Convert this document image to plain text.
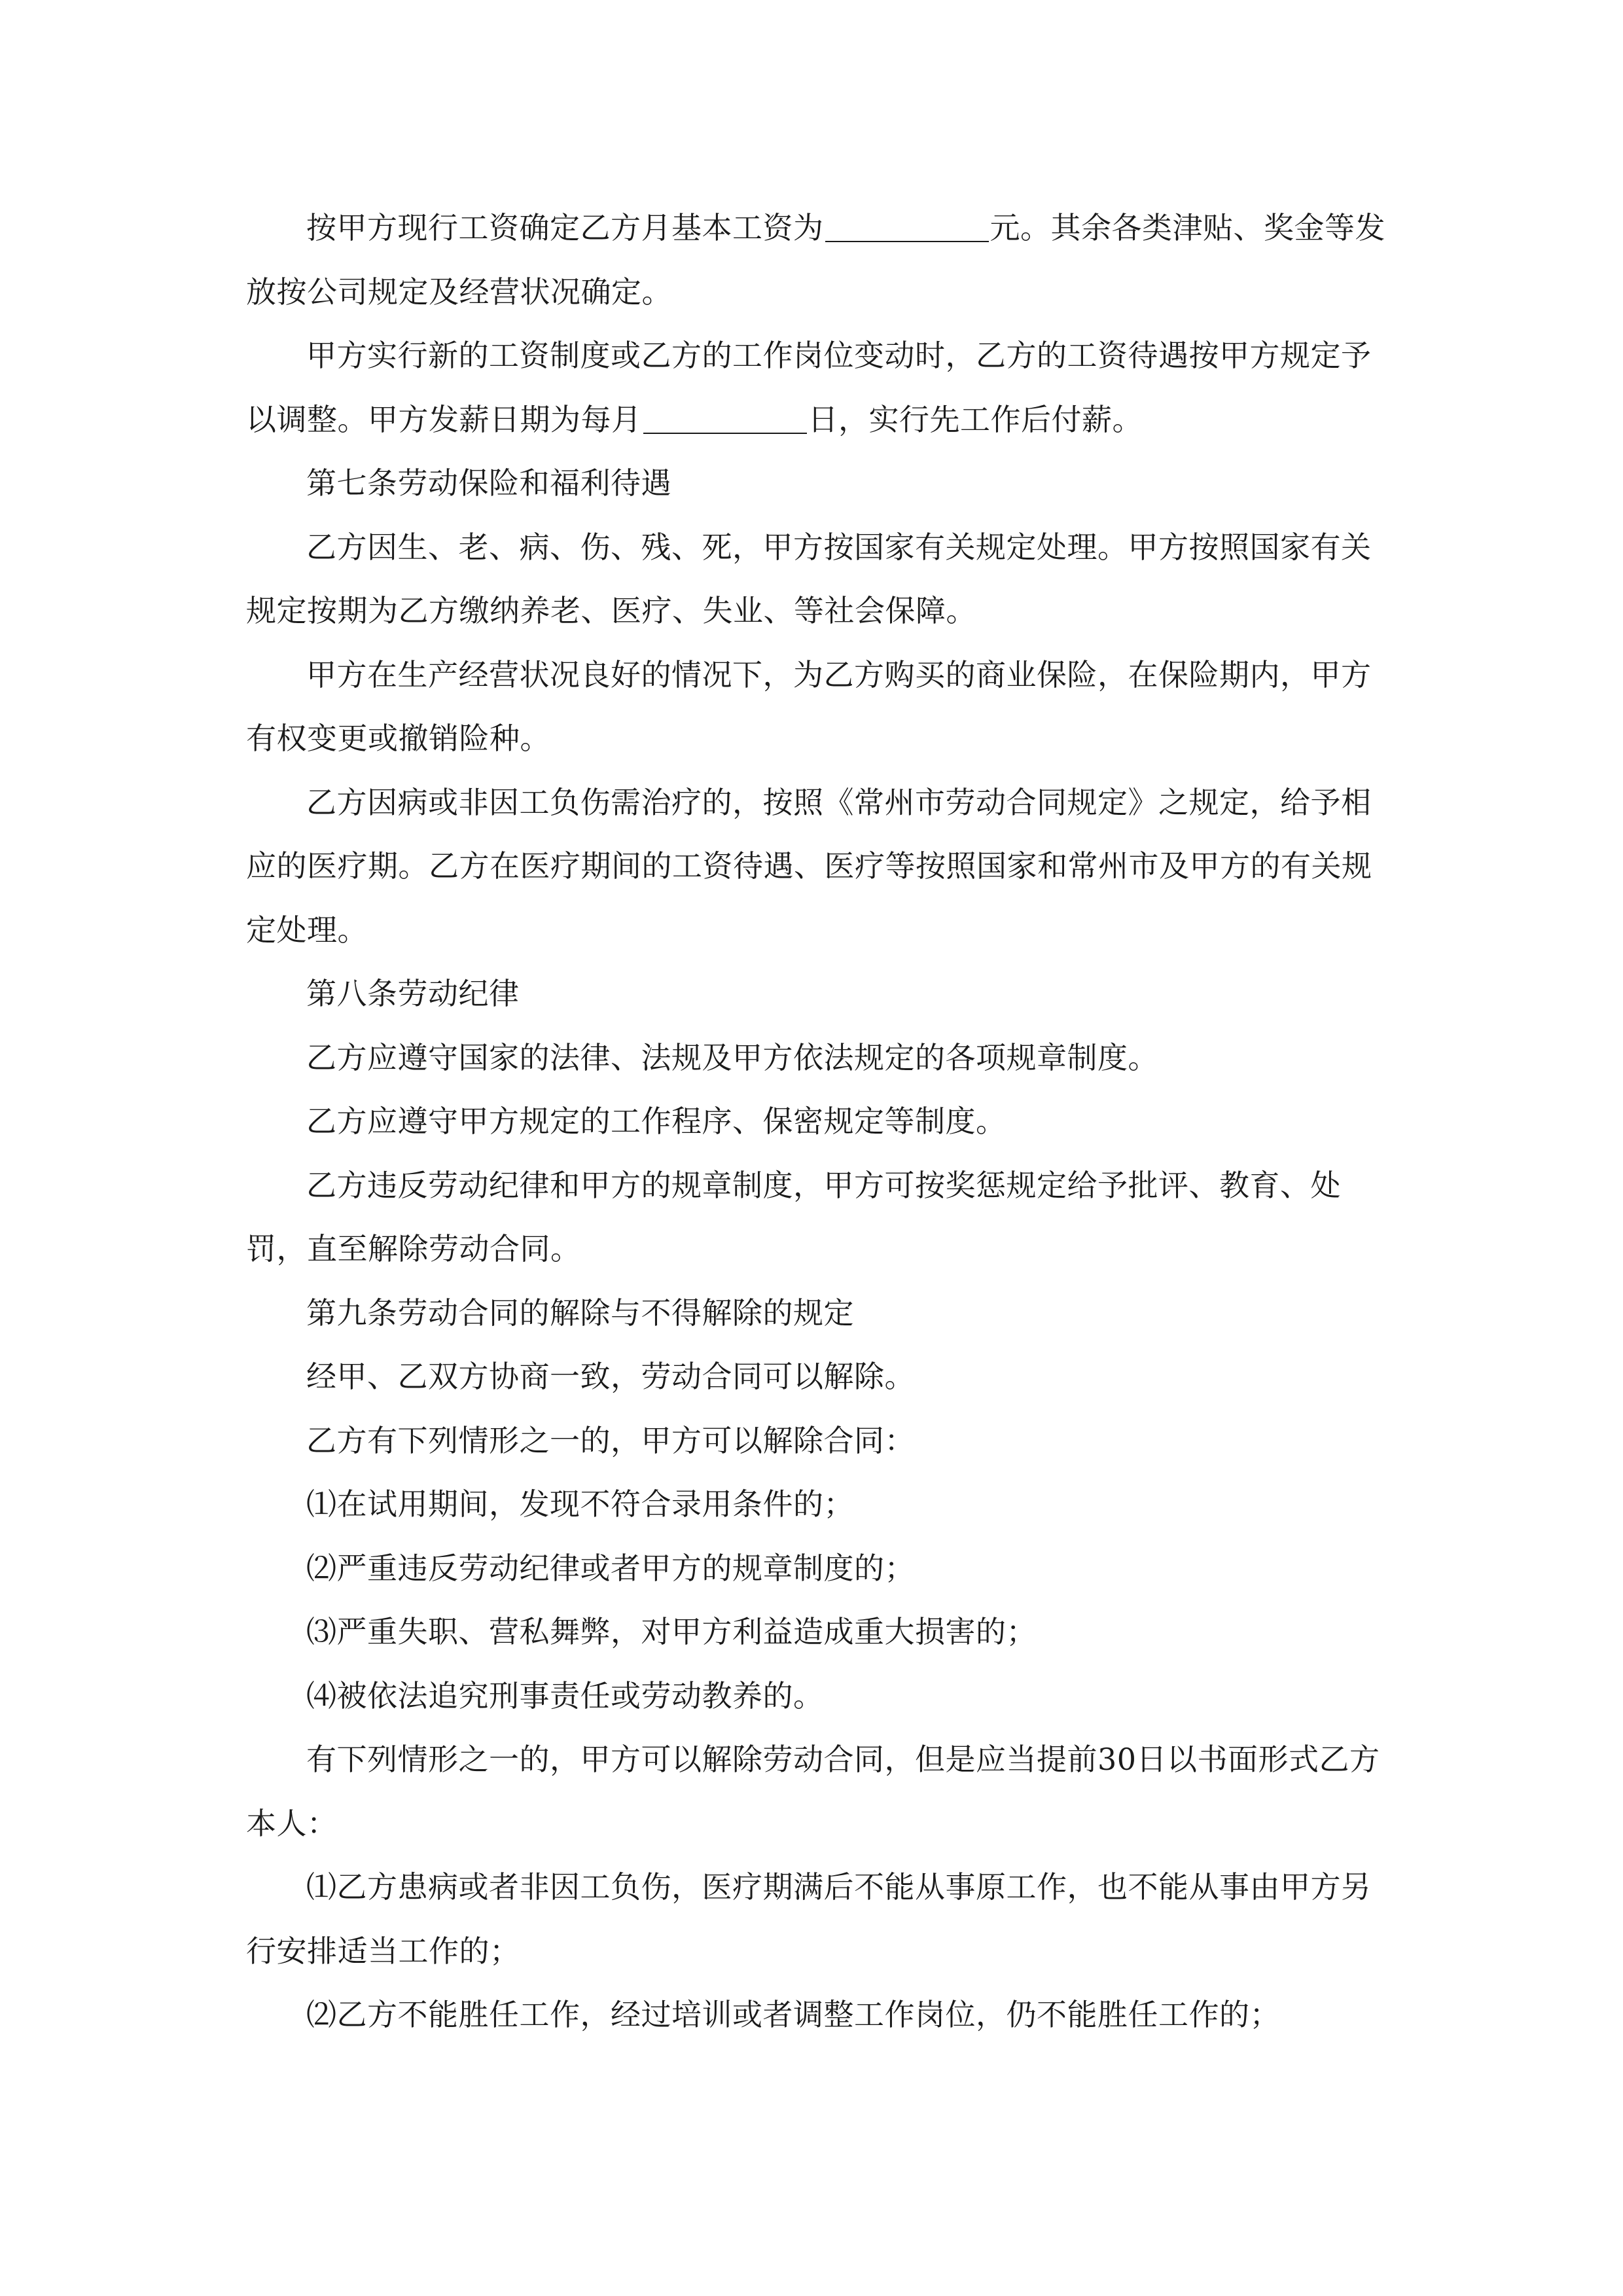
按甲方现行工资确定乙方月基本工资为	元。其余各类津贴、奖金等发放按公司规定及经营状况确定。

甲方实行新的工资制度或乙方的工作岗位变动时，乙方的工资待遇按甲方规定予以调整。甲方发薪日期为每月	日，实行先工作后付薪。

第七条劳动保险和福利待遇

乙方因生、老、病、伤、残、死，甲方按国家有关规定处理。甲方按照国家有关规定按期为乙方缴纳养老、医疗、失业、等社会保障。

甲方在生产经营状况良好的情况下，为乙方购买的商业保险，在保险期内，甲方有权变更或撤销险种。

乙方因病或非因工负伤需治疗的，按照《常州市劳动合同规定》之规定，给予相应的医疗期。乙方在医疗期间的工资待遇、医疗等按照国家和常州市及甲方的有关规定处理。

第八条劳动纪律

乙方应遵守国家的法律、法规及甲方依法规定的各项规章制度。

乙方应遵守甲方规定的工作程序、保密规定等制度。

乙方违反劳动纪律和甲方的规章制度，甲方可按奖惩规定给予批评、教育、处罚，直至解除劳动合同。

第九条劳动合同的解除与不得解除的规定

经甲、乙双方协商一致，劳动合同可以解除。

乙方有下列情形之一的，甲方可以解除合同：

⑴在试用期间，发现不符合录用条件的；

⑵严重违反劳动纪律或者甲方的规章制度的；

⑶严重失职、营私舞弊，对甲方利益造成重大损害的；

⑷被依法追究刑事责任或劳动教养的。

有下列情形之一的，甲方可以解除劳动合同，但是应当提前30日以书面形式乙方本人：

⑴乙方患病或者非因工负伤，医疗期满后不能从事原工作，也不能从事由甲方另行安排适当工作的；

⑵乙方不能胜任工作，经过培训或者调整工作岗位，仍不能胜任工作的；
